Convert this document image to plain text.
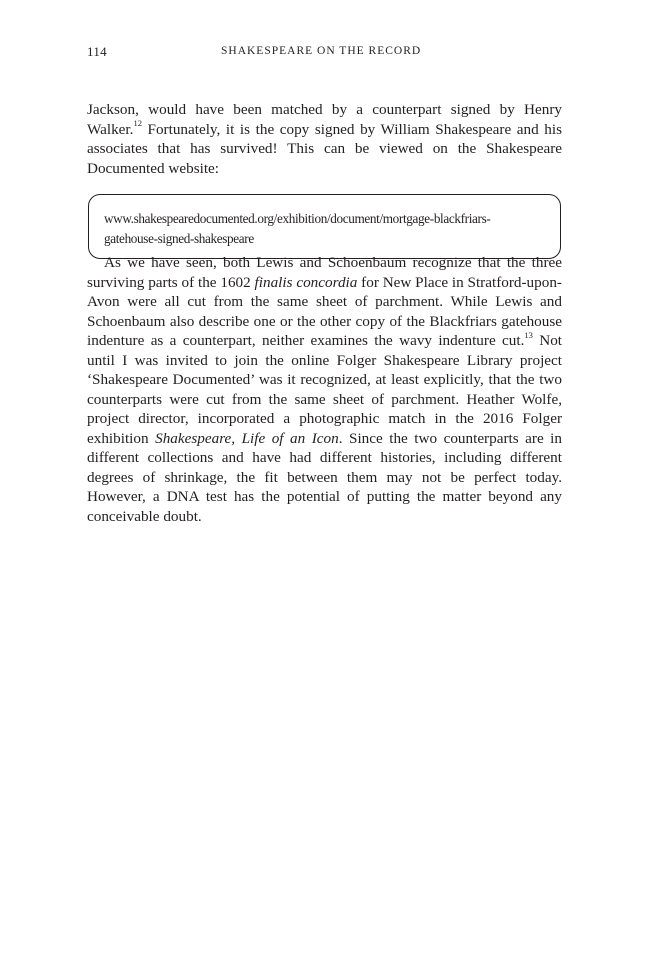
114	SHAKESPEARE ON THE RECORD
Jackson, would have been matched by a counterpart signed by Henry Walker.$^{12}$ Fortunately, it is the copy signed by William Shakespeare and his associates that has survived! This can be viewed on the Shakespeare Documented website:
www.shakespearedocumented.org/exhibition/document/mortgage-blackfriars-
gatehouse-signed-shakespeare
As we have seen, both Lewis and Schoenbaum recognize that the three surviving parts of the 1602 finalis concordia for New Place in Stratford-upon-Avon were all cut from the same sheet of parchment. While Lewis and Schoenbaum also describe one or the other copy of the Blackfriars gatehouse indenture as a counterpart, neither examines the wavy indenture cut.$^{13}$ Not until I was invited to join the online Folger Shakespeare Library project ‘Shakespeare Documented’ was it recognized, at least explicitly, that the two counterparts were cut from the same sheet of parchment. Heather Wolfe, project director, incorporated a photographic match in the 2016 Folger exhibition Shakespeare, Life of an Icon. Since the two counterparts are in different collections and have had different histories, including different degrees of shrinkage, the fit between them may not be perfect today. However, a DNA test has the potential of putting the matter beyond any conceivable doubt.
